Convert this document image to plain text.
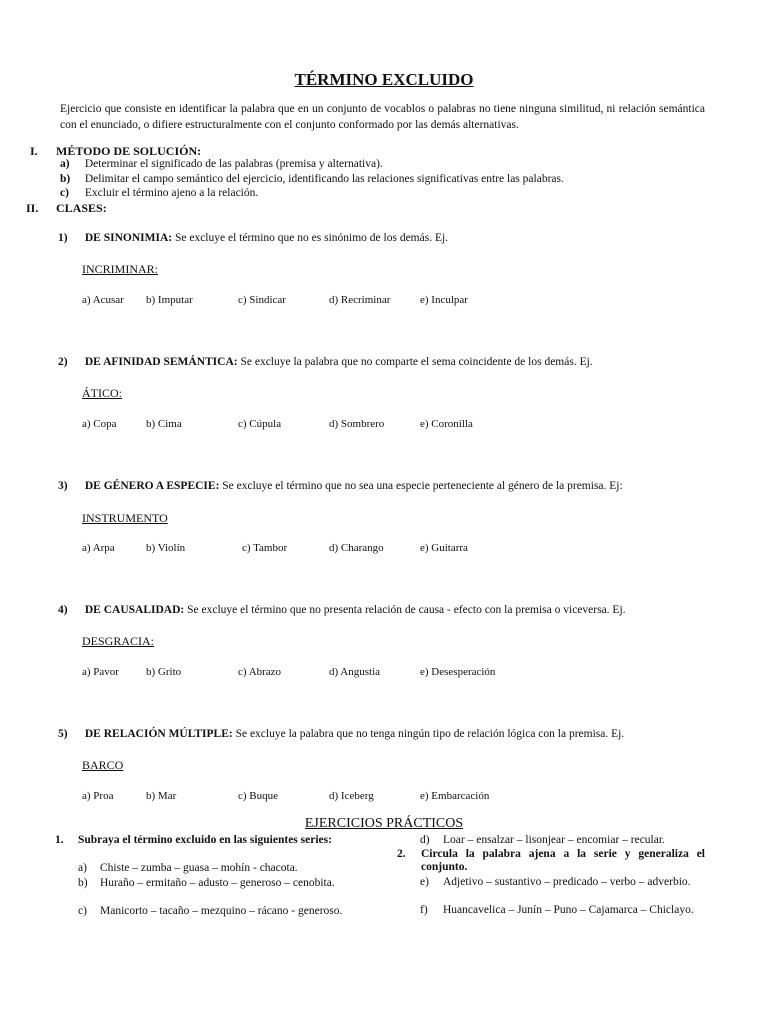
TÉRMINO EXCLUIDO
Ejercicio que consiste en identificar la palabra que en un conjunto de vocablos o palabras no tiene ninguna similitud, ni relación semántica con el enunciado, o difiere estructuralmente con el conjunto conformado por las demás alternativas.
I. MÉTODO DE SOLUCIÓN:
a) Determinar el significado de las palabras (premisa y alternativa).
b) Delimitar el campo semántico del ejercicio, identificando las relaciones significativas entre las palabras.
c) Excluir el término ajeno a la relación.
II. CLASES:
1) DE SINONIMIA: Se excluye el término que no es sinónimo de los demás. Ej.
INCRIMINAR:
a) Acusar b) Imputar	c) Sindicar	d) Recriminar	e) Inculpar
2) DE AFINIDAD SEMÁNTICA: Se excluye la palabra que no comparte el sema coincidente de los demás. Ej.
ÁTICO:
a) Copa	b) Cima	c) Cúpula	d) Sombrero	e) Coronilla
3) DE GÉNERO A ESPECIE: Se excluye el término que no sea una especie perteneciente al género de la premisa. Ej:
INSTRUMENTO
a) Arpa	b) Violín	c) Tambor	d) Charango	e) Guitarra
4) DE CAUSALIDAD: Se excluye el término que no presenta relación de causa - efecto con la premisa o viceversa. Ej.
DESGRACIA:
a) Pavor b) Grito	c) Abrazo	d) Angustia	e) Desesperación
5) DE RELACIÓN MÚLTIPLE: Se excluye la palabra que no tenga ningún tipo de relación lógica con la premisa. Ej.
BARCO
a) Proa	b) Mar	c) Buque	d) Iceberg	e) Embarcación
EJERCICIOS PRÁCTICOS
1. Subraya el término excluido en las siguientes series:
a) Chiste – zumba – guasa – mohín - chacota.
b) Huraño – ermitaño – adusto – generoso – cenobita.
c) Manicorto – tacaño – mezquino – rácano - generoso.
d) Loar – ensalzar – lisonjear – encomiar – recular.
2. Circula la palabra ajena a la serie y generaliza el conjunto.
e) Adjetivo – sustantivo – predicado – verbo – adverbio.
f) Huancavelica – Junín – Puno – Cajamarca – Chiclayo.
